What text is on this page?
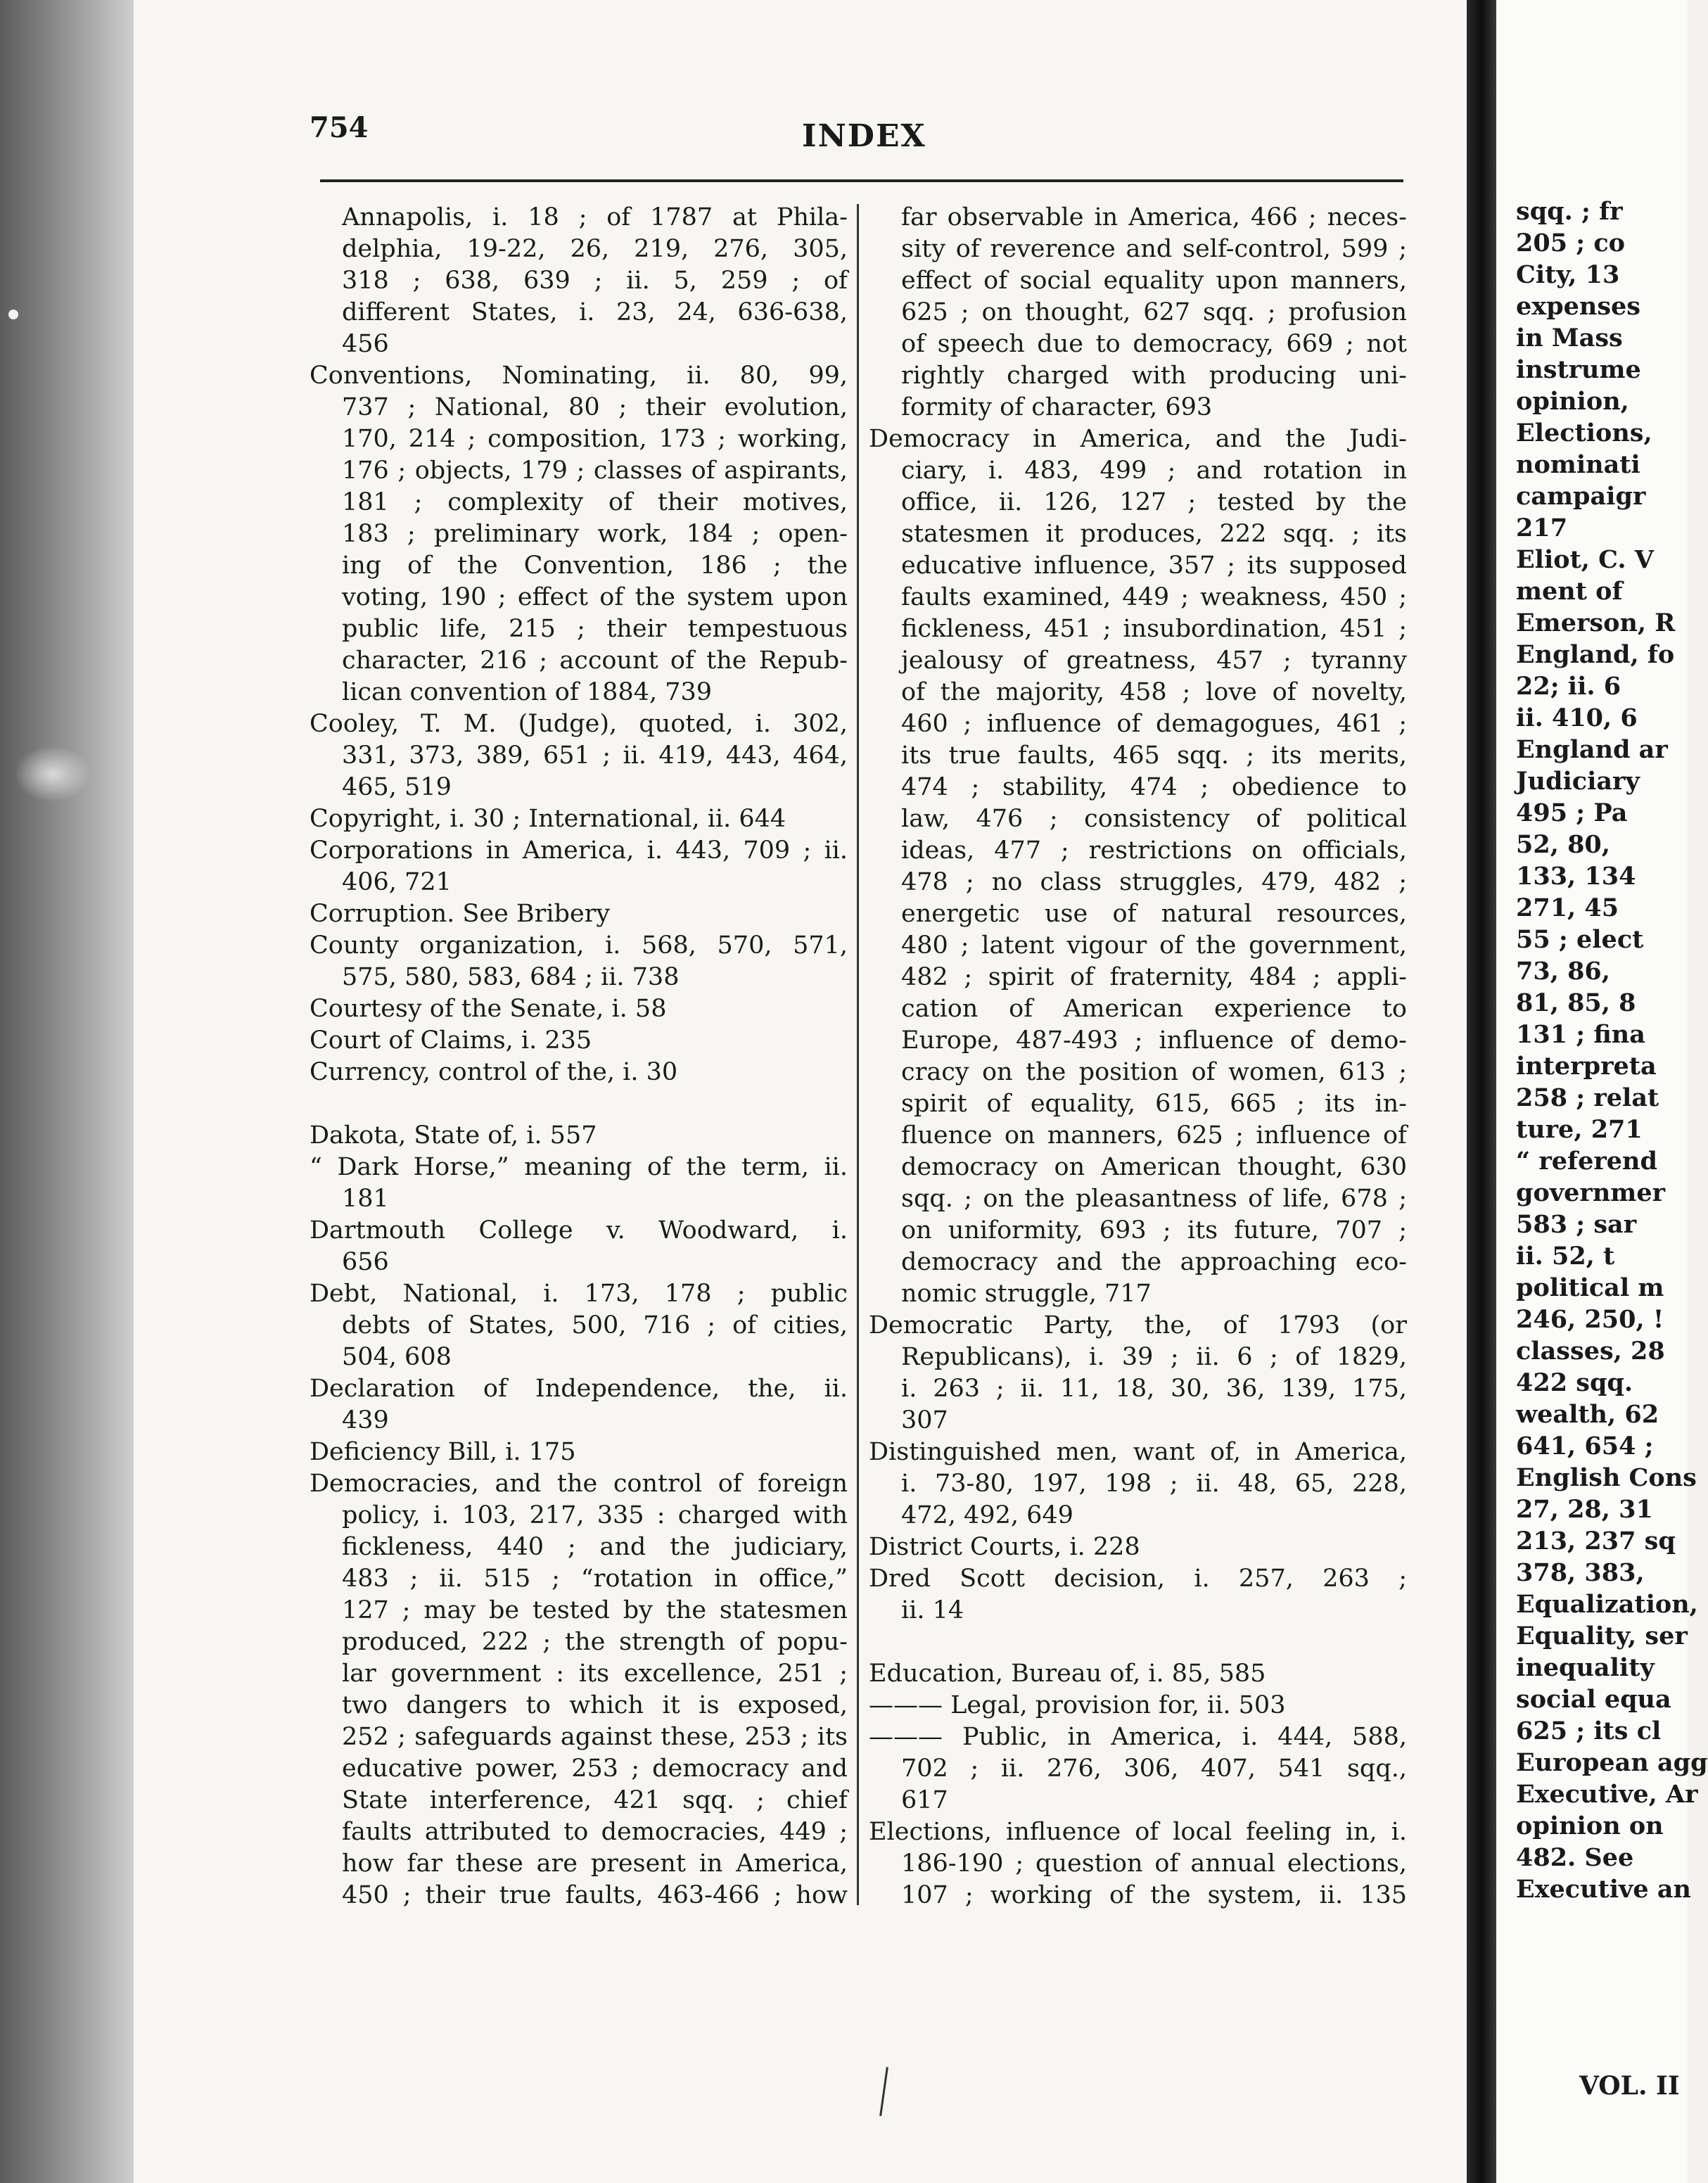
754	INDEX
Annapolis, i. 18 ; of 1787 at Phila-
delphia, 19-22, 26, 219, 276, 305,
318 ; 638, 639 ; ii. 5, 259 ; of
different States, i. 23, 24, 636-638,
456
Conventions, Nominating, ii. 80, 99,
737 ; National, 80 ; their evolution,
170, 214 ; composition, 173 ; working,
176 ; objects, 179 ; classes of aspirants,
181 ; complexity of their motives,
183 ; preliminary work, 184 ; open-
ing of the Convention, 186 ; the
voting, 190 ; effect of the system upon
public life, 215 ; their tempestuous
character, 216 ; account of the Repub-
lican convention of 1884, 739
Cooley, T. M. (Judge), quoted, i. 302,
331, 373, 389, 651 ; ii. 419, 443, 464,
465, 519
Copyright, i. 30 ; International, ii. 644
Corporations in America, i. 443, 709 ; ii.
406, 721
Corruption. See Bribery
County organization, i. 568, 570, 571,
575, 580, 583, 684 ; ii. 738
Courtesy of the Senate, i. 58
Court of Claims, i. 235
Currency, control of the, i. 30
Dakota, State of, i. 557
“ Dark Horse,” meaning of the term, ii.
181
Dartmouth College v. Woodward, i.
656
Debt, National, i. 173, 178 ; public
debts of States, 500, 716 ; of cities,
504, 608
Declaration of Independence, the, ii.
439
Deficiency Bill, i. 175
Democracies, and the control of foreign
policy, i. 103, 217, 335 : charged with
fickleness, 440 ; and the judiciary,
483 ; ii. 515 ; “rotation in office,”
127 ; may be tested by the statesmen
produced, 222 ; the strength of popu-
lar government : its excellence, 251 ;
two dangers to which it is exposed,
252 ; safeguards against these, 253 ; its
educative power, 253 ; democracy and
State interference, 421 sqq. ; chief
faults attributed to democracies, 449 ;
how far these are present in America,
450 ; their true faults, 463-466 ; how
far observable in America, 466 ; neces-
sity of reverence and self-control, 599 ;
effect of social equality upon manners,
625 ; on thought, 627 sqq. ; profusion
of speech due to democracy, 669 ; not
rightly charged with producing uni-
formity of character, 693
Democracy in America, and the Judi-
ciary, i. 483, 499 ; and rotation in
office, ii. 126, 127 ; tested by the
statesmen it produces, 222 sqq. ; its
educative influence, 357 ; its supposed
faults examined, 449 ; weakness, 450 ;
fickleness, 451 ; insubordination, 451 ;
jealousy of greatness, 457 ; tyranny
of the majority, 458 ; love of novelty,
460 ; influence of demagogues, 461 ;
its true faults, 465 sqq. ; its merits,
474 ; stability, 474 ; obedience to
law, 476 ; consistency of political
ideas, 477 ; restrictions on officials,
478 ; no class struggles, 479, 482 ;
energetic use of natural resources,
480 ; latent vigour of the government,
482 ; spirit of fraternity, 484 ; appli-
cation of American experience to
Europe, 487-493 ; influence of demo-
cracy on the position of women, 613 ;
spirit of equality, 615, 665 ; its in-
fluence on manners, 625 ; influence of
democracy on American thought, 630
sqq. ; on the pleasantness of life, 678 ;
on uniformity, 693 ; its future, 707 ;
democracy and the approaching eco-
nomic struggle, 717
Democratic Party, the, of 1793 (or
Republicans), i. 39 ; ii. 6 ; of 1829,
i. 263 ; ii. 11, 18, 30, 36, 139, 175,
307
Distinguished men, want of, in America,
i. 73-80, 197, 198 ; ii. 48, 65, 228,
472, 492, 649
District Courts, i. 228
Dred Scott decision, i. 257, 263 ;
ii. 14
Education, Bureau of, i. 85, 585
——— Legal, provision for, ii. 503
——— Public, in America, i. 444, 588,
702 ; ii. 276, 306, 407, 541 sqq.,
617
Elections, influence of local feeling in, i.
186-190 ; question of annual elections,
107 ; working of the system, ii. 135
VOL. II
sqq. ; fr
205 ; co
City, 13
expenses
in Mass
instrume
opinion,
Elections,
nominati
campaigr
217
Eliot, C. V
ment of
Emerson, R
England, fo
22; ii. 6
ii. 410, 6
England ar
Judiciary
495 ; Pa
52, 80,
133, 134
271, 45
55 ; elect
73, 86,
81, 85, 8
131 ; fina
interpreta
258 ; relat
ture, 271
“ referend
governmer
583 ; sar
ii. 52, t
political m
246, 250, !
classes, 28
422 sqq.
wealth, 62
641, 654 ;
English Cons
27, 28, 31
213, 237 sq
378, 383,
Equalization,
Equality, ser
inequality
social equa
625 ; its cl
European agg
Executive, Ar
opinion on
482. See
Executive an
